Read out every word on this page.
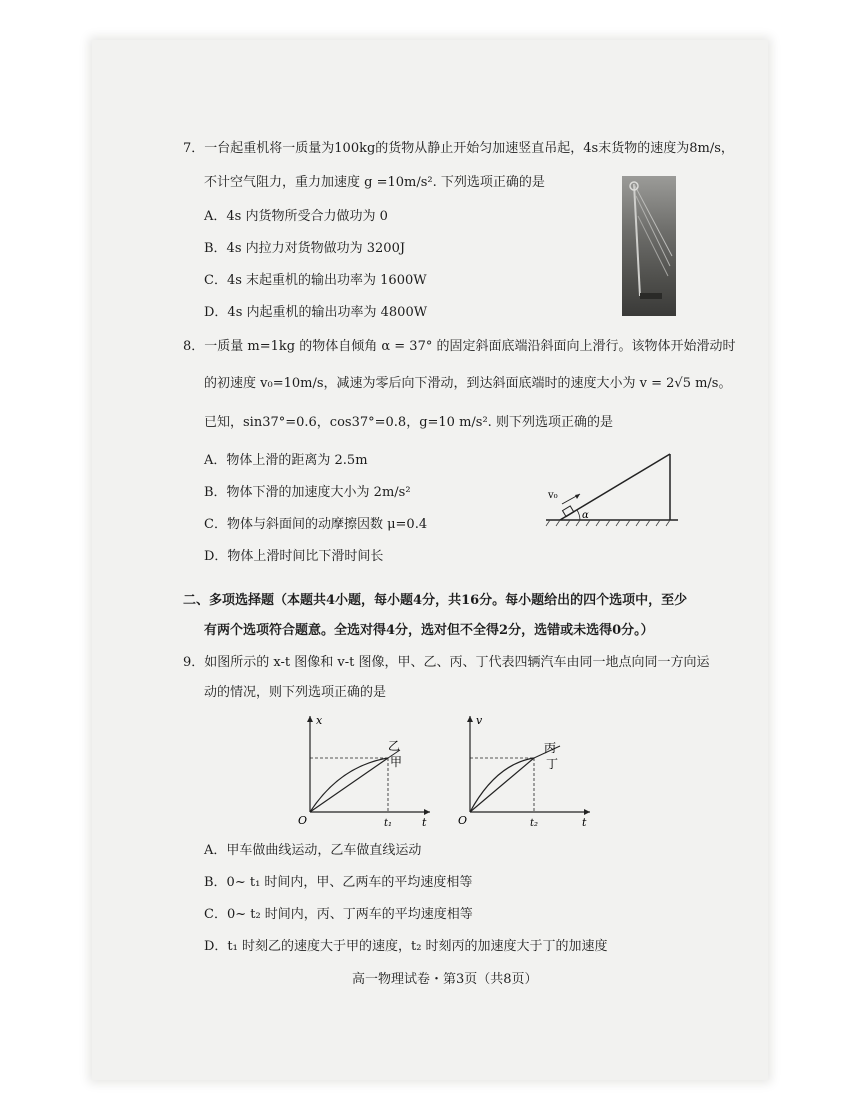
7．一台起重机将一质量为100kg的货物从静止开始匀加速竖直吊起，4s末货物的速度为8m/s，
不计空气阻力，重力加速度 g =10m/s². 下列选项正确的是
A．4s 内货物所受合力做功为 0
B．4s 内拉力对货物做功为 3200J
C．4s 末起重机的输出功率为 1600W
D．4s 内起重机的输出功率为 4800W
8．一质量 m=1kg 的物体自倾角 α = 37° 的固定斜面底端沿斜面向上滑行。该物体开始滑动时
的初速度 v₀=10m/s，减速为零后向下滑动，到达斜面底端时的速度大小为 v = 2√5 m/s。
已知，sin37°=0.6，cos37°=0.8，g=10 m/s². 则下列选项正确的是
A．物体上滑的距离为 2.5m
B．物体下滑的加速度大小为 2m/s²
C．物体与斜面间的动摩擦因数 μ=0.4
D．物体上滑时间比下滑时间长
v₀
α
二、多项选择题（本题共4小题，每小题4分，共16分。每小题给出的四个选项中，至少
有两个选项符合题意。全选对得4分，选对但不全得2分，选错或未选得0分。）
9．如图所示的 x-t 图像和 v-t 图像，甲、乙、丙、丁代表四辆汽车由同一地点向同一方向运
动的情况，则下列选项正确的是
x
t
O
乙
甲
t₁
v
t
O
丙
丁
t₂
A．甲车做曲线运动，乙车做直线运动
B．0~ t₁ 时间内，甲、乙两车的平均速度相等
C．0~ t₂ 时间内，丙、丁两车的平均速度相等
D．t₁ 时刻乙的速度大于甲的速度，t₂ 时刻丙的加速度大于丁的加速度
高一物理试卷・第3页（共8页）
